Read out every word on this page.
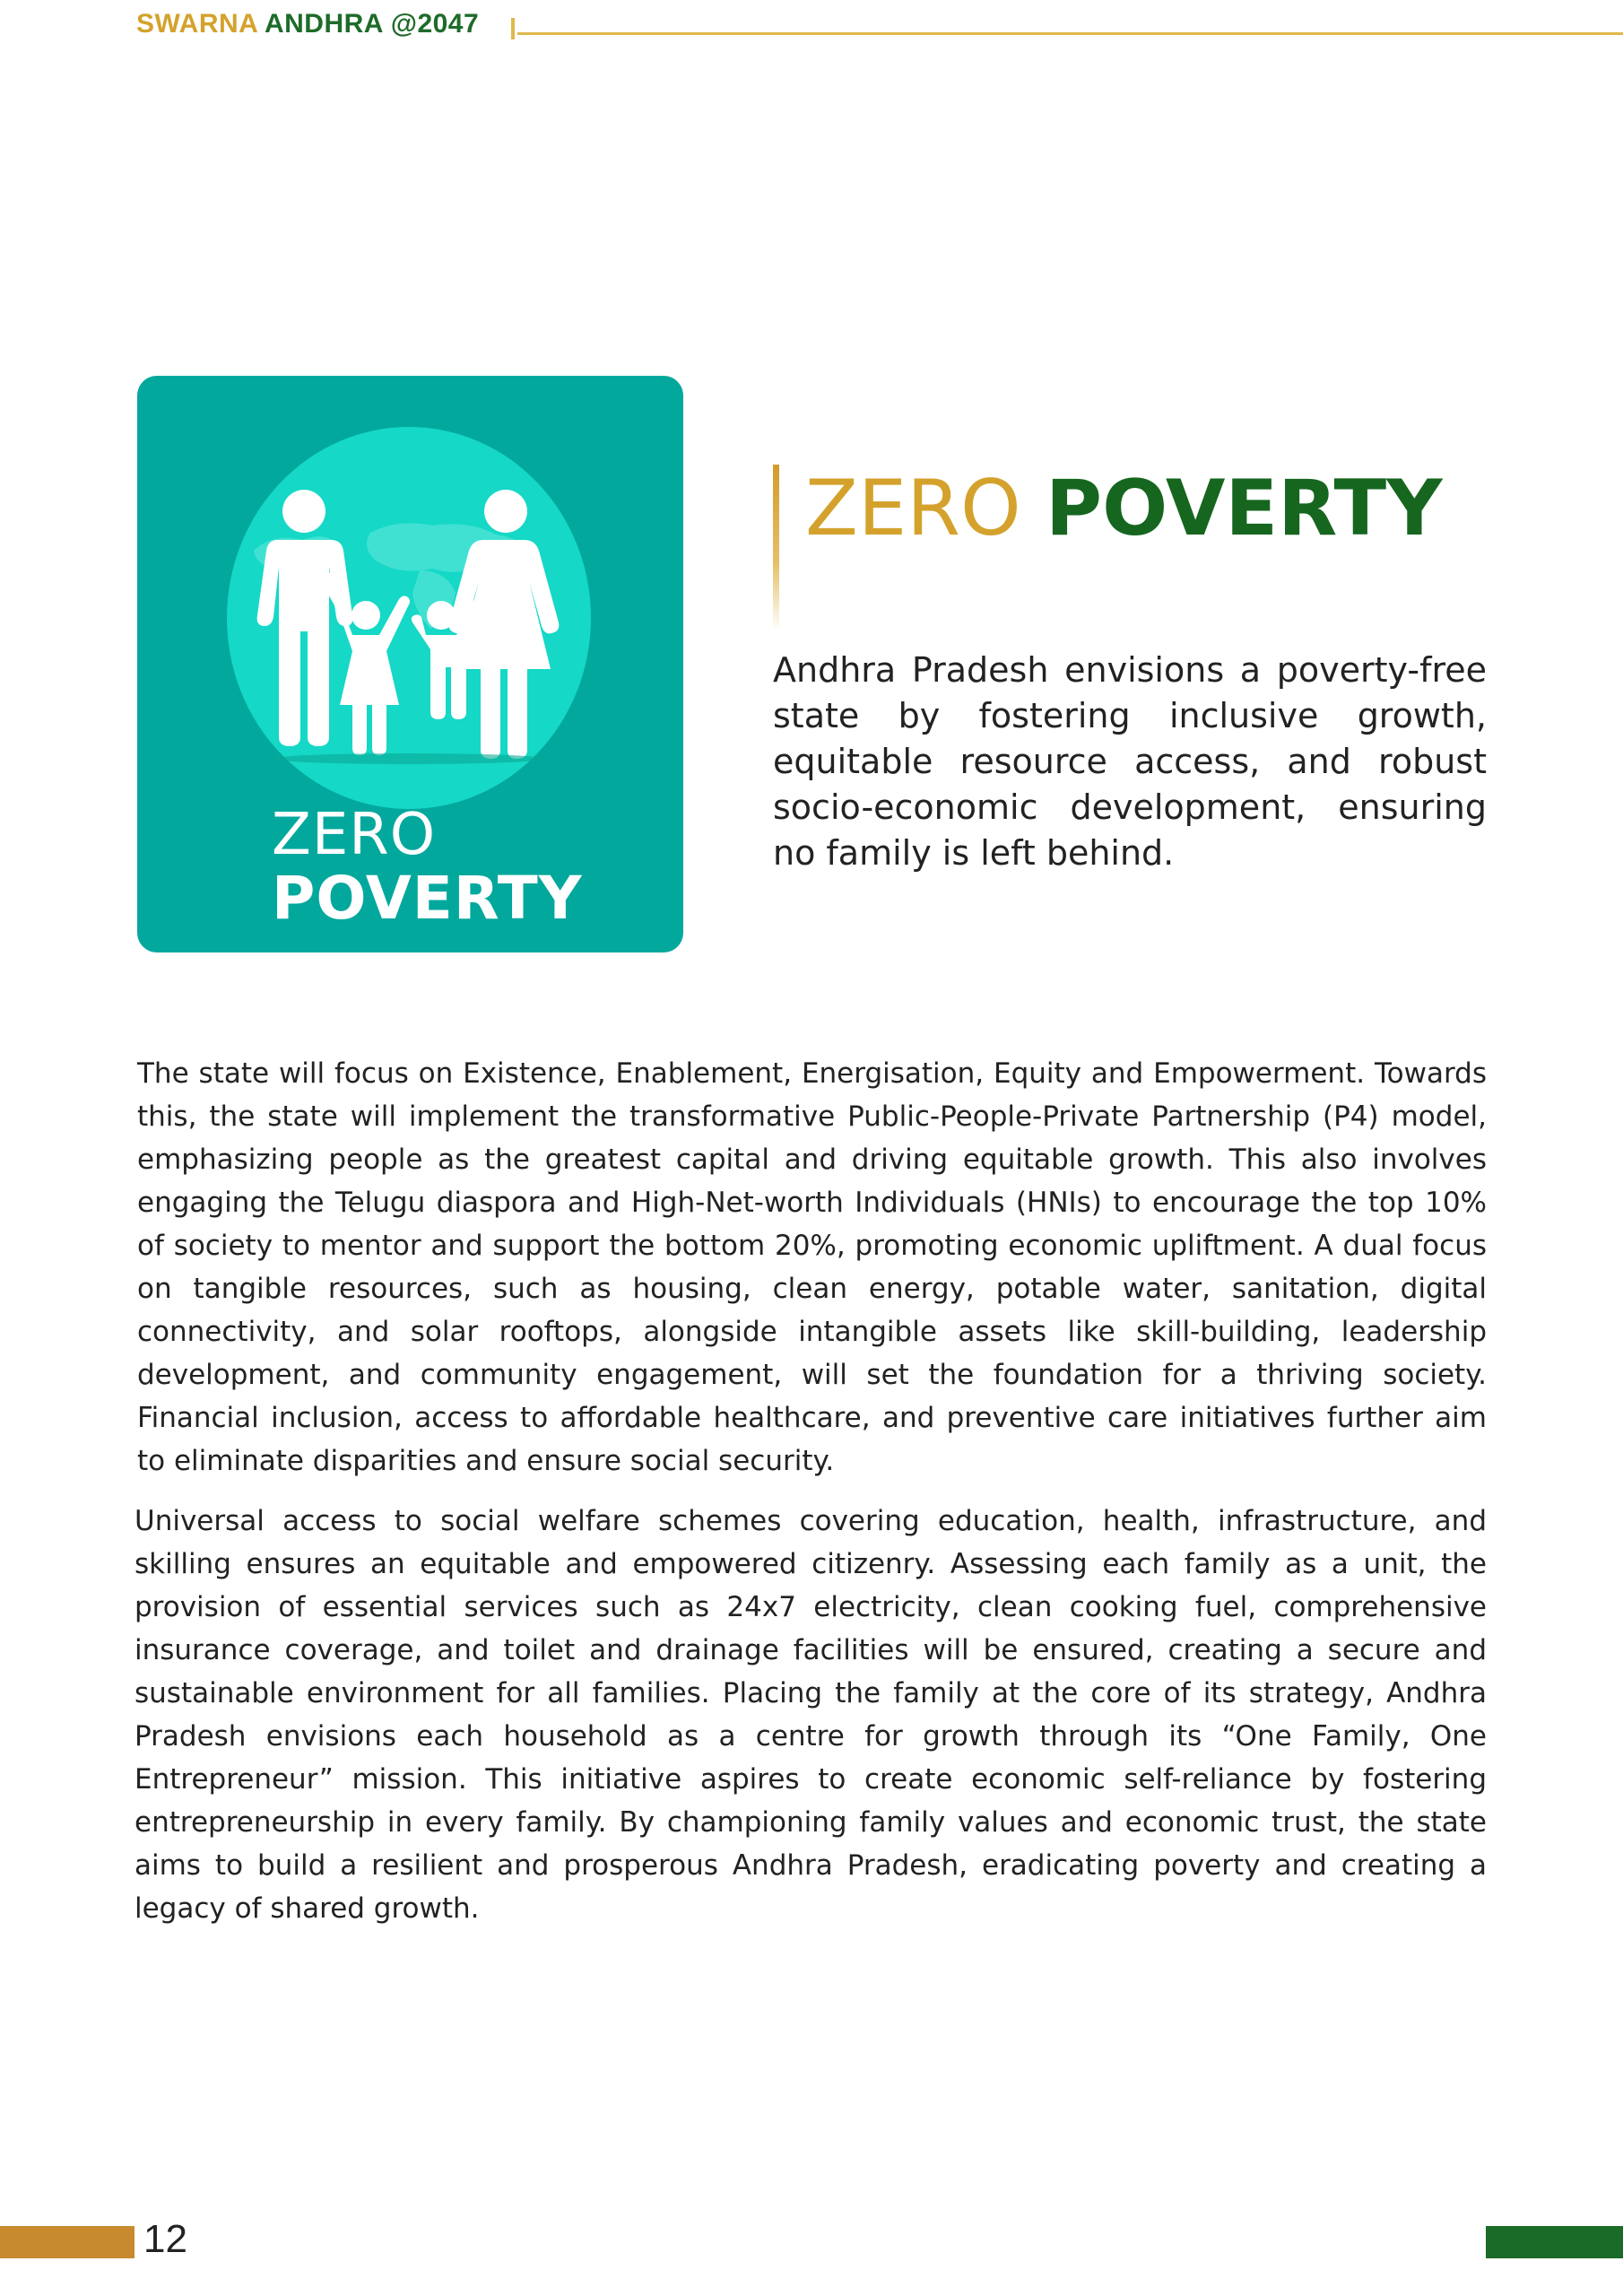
SWARNA ANDHRA @2047
ZERO
POVERTY
ZERO POVERTY

Andhra Pradesh envisions a poverty-free state by fostering inclusive growth, equitable resource access, and robust socio-economic development, ensuring no family is left behind.

The state will focus on Existence, Enablement, Energisation, Equity and Empowerment. Towards this, the state will implement the transformative Public-People-Private Partnership (P4) model, emphasizing people as the greatest capital and driving equitable growth. This also involves engaging the Telugu diaspora and High-Net-worth Individuals (HNIs) to encourage the top 10% of society to mentor and support the bottom 20%, promoting economic upliftment. A dual focus on tangible resources, such as housing, clean energy, potable water, sanitation, digital connectivity, and solar rooftops, alongside intangible assets like skill-building, leadership development, and community engagement, will set the foundation for a thriving society. Financial inclusion, access to affordable healthcare, and preventive care initiatives further aim to eliminate disparities and ensure social security.

Universal access to social welfare schemes covering education, health, infrastructure, and skilling ensures an equitable and empowered citizenry. Assessing each family as a unit, the provision of essential services such as 24x7 electricity, clean cooking fuel, comprehensive insurance coverage, and toilet and drainage facilities will be ensured, creating a secure and sustainable environment for all families. Placing the family at the core of its strategy, Andhra Pradesh envisions each household as a centre for growth through its “One Family, One Entrepreneur” mission. This initiative aspires to create economic self-reliance by fostering entrepreneurship in every family. By championing family values and economic trust, the state aims to build a resilient and prosperous Andhra Pradesh, eradicating poverty and creating a legacy of shared growth.

12
